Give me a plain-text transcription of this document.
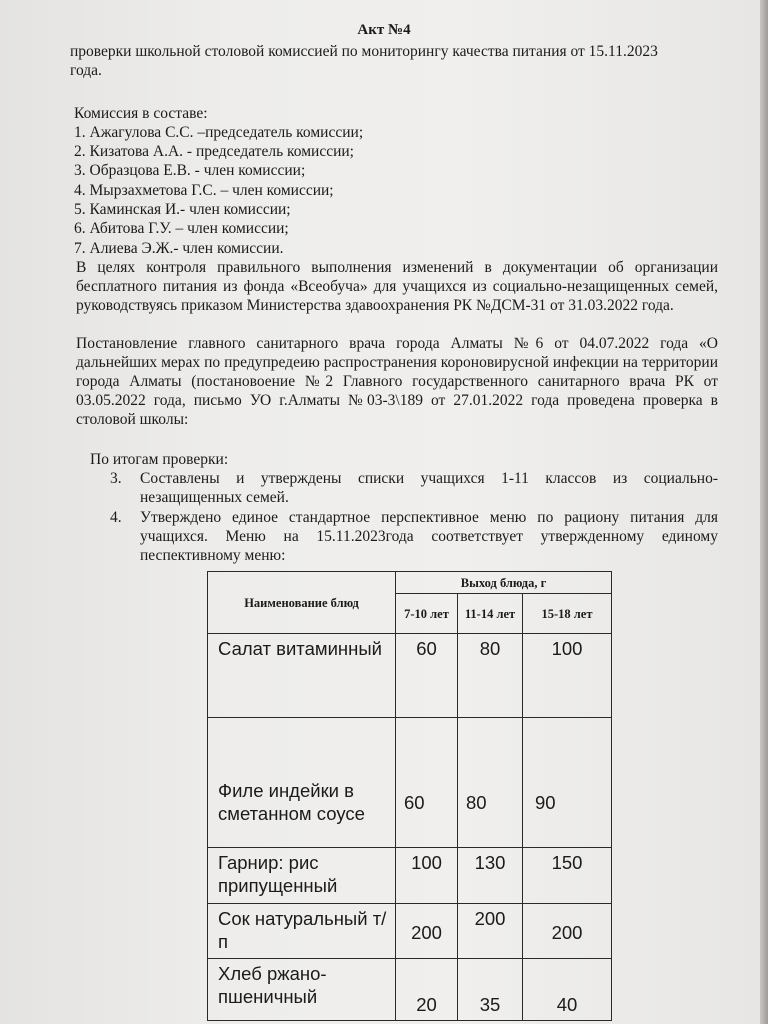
Акт №4
проверки школьной столовой комиссией по мониторингу качества питания от 15.11.2023
года.
Комиссия в составе:
1. Ажагулова С.С. –председатель комиссии;
2. Кизатова А.А. - председатель комиссии;
3. Образцова Е.В. - член комиссии;
4. Мырзахметова Г.С. – член комиссии;
5. Каминская И.- член комиссии;
6. Абитова Г.У. – член комиссии;
7. Алиева Э.Ж.- член комиссии.
В целях контроля правильного выполнения изменений в документации об организации бесплатного питания из фонда «Всеобуча» для учащихся из социально-незащищенных семей, руководствуясь приказом Министерства здавоохранения РК №ДСМ-31 от 31.03.2022 года.
Постановление главного санитарного врача города Алматы №6 от 04.07.2022 года «О дальнейших мерах по предупредеию распространения короновирусной инфекции на территории города Алматы (постановоение №2 Главного государственного санитарного врача РК от 03.05.2022 года, письмо УО г.Алматы №03-3\189 от 27.01.2022 года проведена проверка в столовой школы:
По итогам проверки:
3. Составлены и утверждены списки учащихся 1-11 классов из социально-незащищенных семей.
4. Утверждено единое стандартное перспективное меню по рациону питания для учащихся. Меню на 15.11.2023года соответствует утвержденному единому песпективному меню:
Наименование блюд	Выход блюда, г		
	7-10 лет	11-14 лет	15-18 лет
Салат витаминный	60	80	100
Филе индейки в сметанном соусе	60	80	90
Гарнир: рис припущенный	100	130	150
Сок натуральный т/п	200	200	200
Хлеб ржано-пшеничный	20	35	40
